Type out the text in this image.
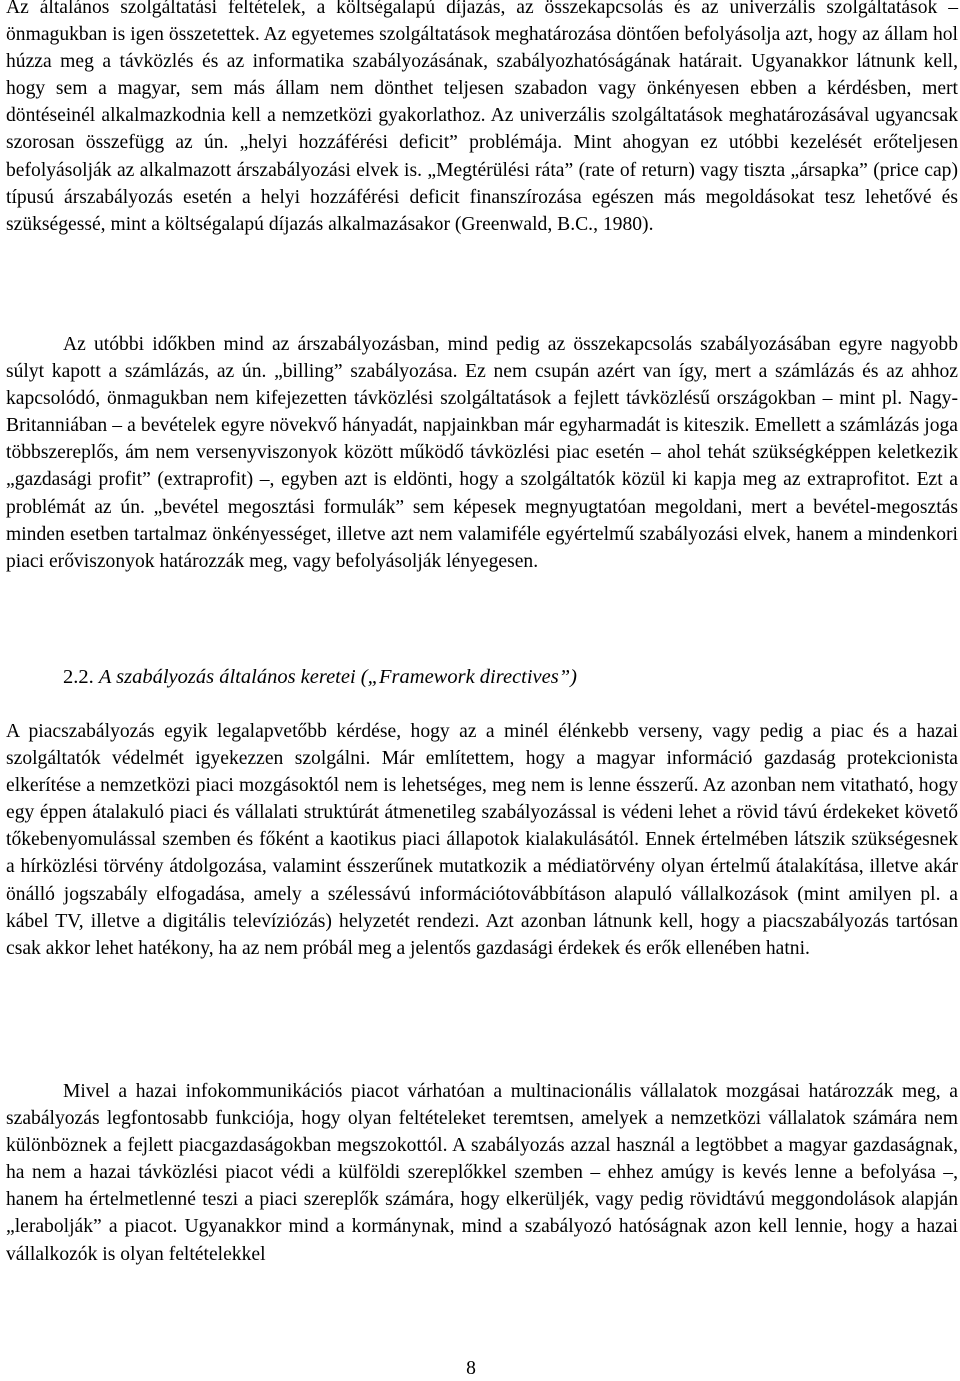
Az általános szolgáltatási feltételek, a költségalapú díjazás, az összekapcsolás és az univerzális szolgáltatások – önmagukban is igen összetettek. Az egyetemes szolgáltatások meghatározása döntően befolyásolja azt, hogy az állam hol húzza meg a távközlés és az informatika szabályozásának, szabályozhatóságának határait. Ugyanakkor látnunk kell, hogy sem a magyar, sem más állam nem dönthet teljesen szabadon vagy önkényesen ebben a kérdésben, mert döntéseinél alkalmazkodnia kell a nemzetközi gyakorlathoz. Az univerzális szolgáltatások meghatározásával ugyancsak szorosan összefügg az ún. „helyi hozzáférési deficit” problémája. Mint ahogyan ez utóbbi kezelését erőteljesen befolyásolják az alkalmazott árszabályozási elvek is. „Megtérülési ráta” (rate of return) vagy tiszta „ársapka” (price cap) típusú árszabályozás esetén a helyi hozzáférési deficit finanszírozása egészen más megoldásokat tesz lehetővé és szükségessé, mint a költségalapú díjazás alkalmazásakor (Greenwald, B.C., 1980).

Az utóbbi időkben mind az árszabályozásban, mind pedig az összekapcsolás szabályozásában egyre nagyobb súlyt kapott a számlázás, az ún. „billing” szabályozása. Ez nem csupán azért van így, mert a számlázás és az ahhoz kapcsolódó, önmagukban nem kifejezetten távközlési szolgáltatások a fejlett távközlésű országokban – mint pl. Nagy-Britanniában – a bevételek egyre növekvő hányadát, napjainkban már egyharmadát is kiteszik. Emellett a számlázás joga többszereplős, ám nem versenyviszonyok között működő távközlési piac esetén – ahol tehát szükségképpen keletkezik „gazdasági profit” (extraprofit) –, egyben azt is eldönti, hogy a szolgáltatók közül ki kapja meg az extraprofitot. Ezt a problémát az ún. „bevétel megosztási formulák” sem képesek megnyugtatóan megoldani, mert a bevétel-megosztás minden esetben tartalmaz önkényességet, illetve azt nem valamiféle egyértelmű szabályozási elvek, hanem a mindenkori piaci erőviszonyok határozzák meg, vagy befolyásolják lényegesen.

2.2. A szabályozás általános keretei („Framework directives”)

A piacszabályozás egyik legalapvetőbb kérdése, hogy az a minél élénkebb verseny, vagy pedig a piac és a hazai szolgáltatók védelmét igyekezzen szolgálni. Már említettem, hogy a magyar információ gazdaság protekcionista elkerítése a nemzetközi piaci mozgásoktól nem is lehetséges, meg nem is lenne ésszerű. Az azonban nem vitatható, hogy egy éppen átalakuló piaci és vállalati struktúrát átmenetileg szabályozással is védeni lehet a rövid távú érdekeket követő tőkebenyomulással szemben és főként a kaotikus piaci állapotok kialakulásától. Ennek értelmében látszik szükségesnek a hírközlési törvény átdolgozása, valamint ésszerűnek mutatkozik a médiatörvény olyan értelmű átalakítása, illetve akár önálló jogszabály elfogadása, amely a szélessávú információtovábbításon alapuló vállalkozások (mint amilyen pl. a kábel TV, illetve a digitális televíziózás) helyzetét rendezi. Azt azonban látnunk kell, hogy a piacszabályozás tartósan csak akkor lehet hatékony, ha az nem próbál meg a jelentős gazdasági érdekek és erők ellenében hatni.

Mivel a hazai infokommunikációs piacot várhatóan a multinacionális vállalatok mozgásai határozzák meg, a szabályozás legfontosabb funkciója, hogy olyan feltételeket teremtsen, amelyek a nemzetközi vállalatok számára nem különböznek a fejlett piacgazdaságokban megszokottól. A szabályozás azzal használ a legtöbbet a magyar gazdaságnak, ha nem a hazai távközlési piacot védi a külföldi szereplőkkel szemben – ehhez amúgy is kevés lenne a befolyása –, hanem ha értelmetlenné teszi a piaci szereplők számára, hogy elkerüljék, vagy pedig rövidtávú meggondolások alapján „lerabolják” a piacot. Ugyanakkor mind a kormánynak, mind a szabályozó hatóságnak azon kell lennie, hogy a hazai vállalkozók is olyan feltételekkel

8
